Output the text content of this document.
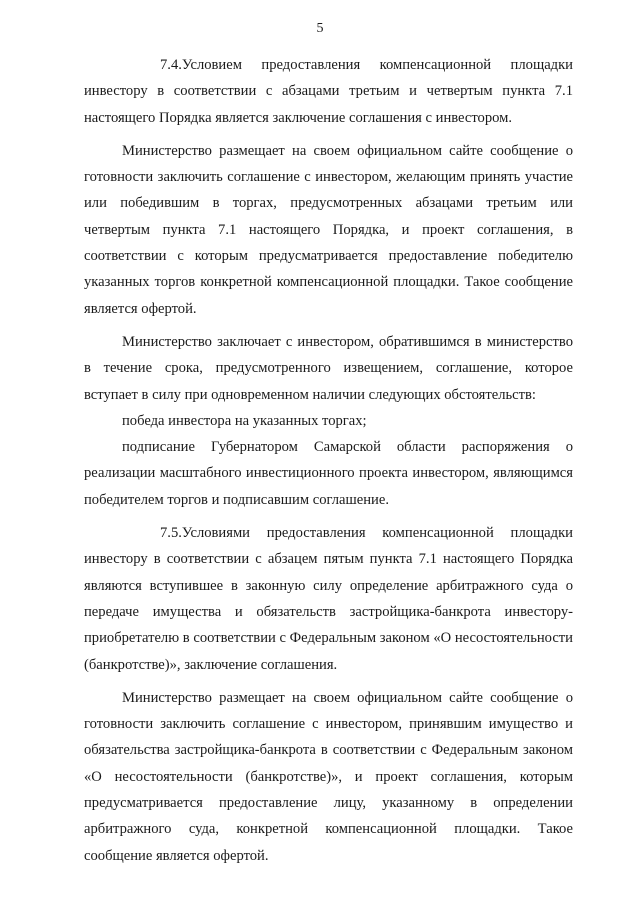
5

7.4.Условием предоставления компенсационной площадки инвестору в соответствии с абзацами третьим и четвертым пункта 7.1 настоящего Порядка является заключение соглашения с инвестором.

Министерство размещает на своем официальном сайте сообщение о готовности заключить соглашение с инвестором, желающим принять участие или победившим в торгах, предусмотренных абзацами третьим или четвертым пункта 7.1 настоящего Порядка, и проект соглашения, в соответствии с которым предусматривается предоставление победителю указанных торгов конкретной компенсационной площадки. Такое сообщение является офертой.

Министерство заключает с инвестором, обратившимся в министерство в течение срока, предусмотренного извещением, соглашение, которое вступает в силу при одновременном наличии следующих обстоятельств:

победа инвестора на указанных торгах;

подписание Губернатором Самарской области распоряжения о реализации масштабного инвестиционного проекта инвестором, являющимся победителем торгов и подписавшим соглашение.

7.5.Условиями предоставления компенсационной площадки инвестору в соответствии с абзацем пятым пункта 7.1 настоящего Порядка являются вступившее в законную силу определение арбитражного суда о передаче имущества и обязательств застройщика-банкрота инвестору-приобретателю в соответствии с Федеральным законом «О несостоятельности (банкротстве)», заключение соглашения.

Министерство размещает на своем официальном сайте сообщение о готовности заключить соглашение с инвестором, принявшим имущество и обязательства застройщика-банкрота в соответствии с Федеральным законом «О несостоятельности (банкротстве)», и проект соглашения, которым предусматривается предоставление лицу, указанному в определении арбитражного суда, конкретной компенсационной площадки. Такое сообщение является офертой.
